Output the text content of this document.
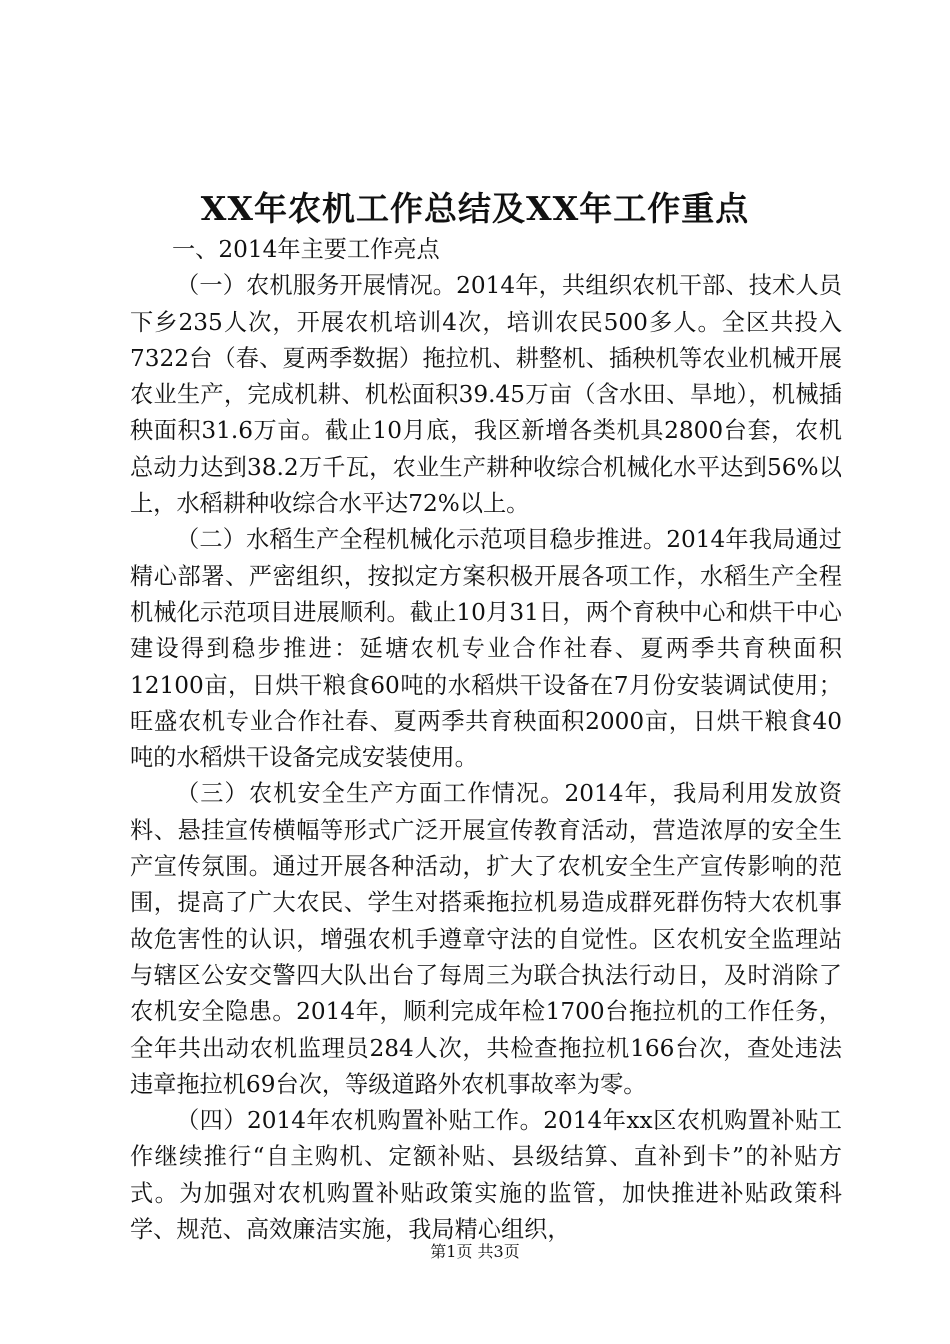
XX年农机工作总结及XX年工作重点

一、2014年主要工作亮点

（一）农机服务开展情况。2014年，共组织农机干部、技术人员下乡235人次，开展农机培训4次，培训农民500多人。全区共投入7322台（春、夏两季数据）拖拉机、耕整机、插秧机等农业机械开展农业生产，完成机耕、机松面积39.45万亩（含水田、旱地），机械插秧面积31.6万亩。截止10月底，我区新增各类机具2800台套，农机总动力达到38.2万千瓦，农业生产耕种收综合机械化水平达到56%以上，水稻耕种收综合水平达72%以上。

（二）水稻生产全程机械化示范项目稳步推进。2014年我局通过精心部署、严密组织，按拟定方案积极开展各项工作，水稻生产全程机械化示范项目进展顺利。截止10月31日，两个育秧中心和烘干中心建设得到稳步推进：延塘农机专业合作社春、夏两季共育秧面积12100亩，日烘干粮食60吨的水稻烘干设备在7月份安装调试使用；旺盛农机专业合作社春、夏两季共育秧面积2000亩，日烘干粮食40吨的水稻烘干设备完成安装使用。

（三）农机安全生产方面工作情况。2014年，我局利用发放资料、悬挂宣传横幅等形式广泛开展宣传教育活动，营造浓厚的安全生产宣传氛围。通过开展各种活动，扩大了农机安全生产宣传影响的范围，提高了广大农民、学生对搭乘拖拉机易造成群死群伤特大农机事故危害性的认识，增强农机手遵章守法的自觉性。区农机安全监理站与辖区公安交警四大队出台了每周三为联合执法行动日，及时消除了农机安全隐患。2014年，顺利完成年检1700台拖拉机的工作任务，全年共出动农机监理员284人次，共检查拖拉机166台次，查处违法违章拖拉机69台次，等级道路外农机事故率为零。

（四）2014年农机购置补贴工作。2014年xx区农机购置补贴工作继续推行“自主购机、定额补贴、县级结算、直补到卡”的补贴方式。为加强对农机购置补贴政策实施的监管，加快推进补贴政策科学、规范、高效廉洁实施，我局精心组织，

第1页 共3页
